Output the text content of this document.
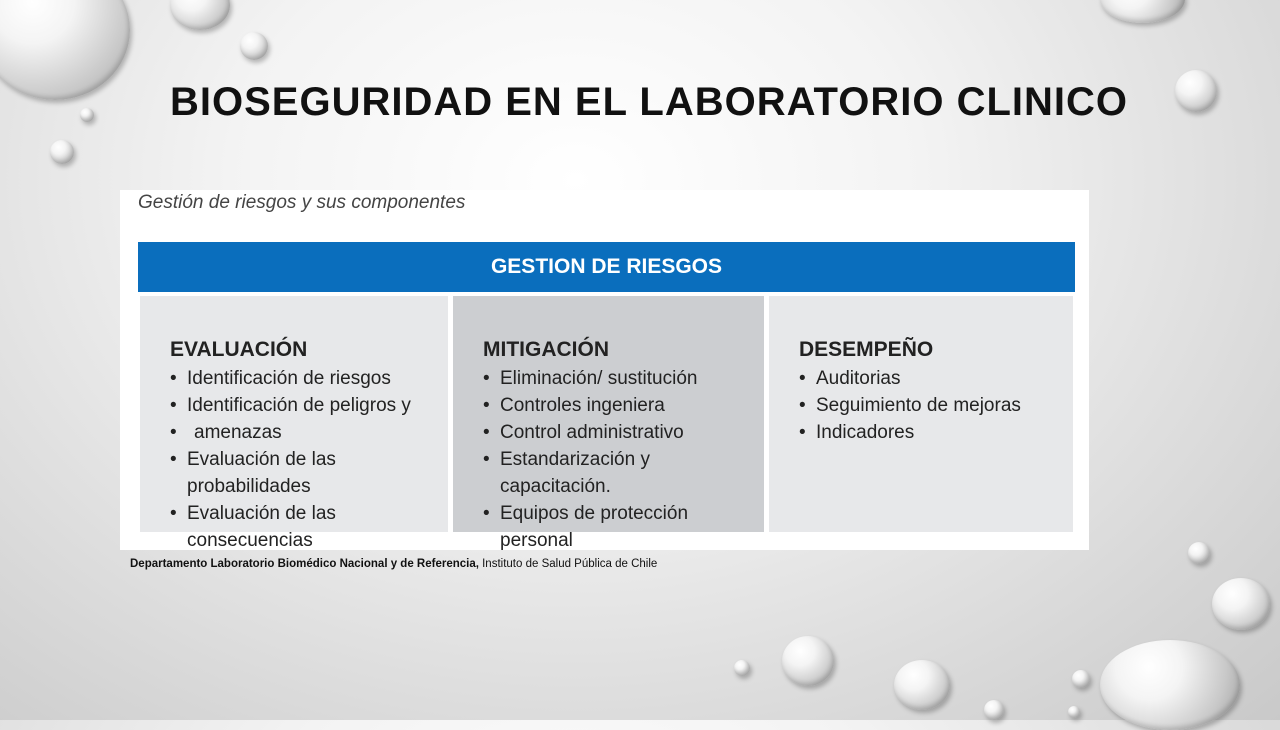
BIOSEGURIDAD EN EL LABORATORIO CLINICO
Gestión de riesgos y sus componentes
GESTION DE RIESGOS
EVALUACIÓN
• Identificación de riesgos
• Identificación de peligros y
• amenazas
• Evaluación de las probabilidades
• Evaluación de las consecuencias
MITIGACIÓN
• Eliminación/ sustitución
• Controles ingeniera
• Control administrativo
• Estandarización y capacitación.
• Equipos de protección personal
DESEMPEÑO
• Auditorias
• Seguimiento de mejoras
• Indicadores
Departamento Laboratorio Biomédico Nacional y de Referencia, Instituto de Salud Pública de Chile
